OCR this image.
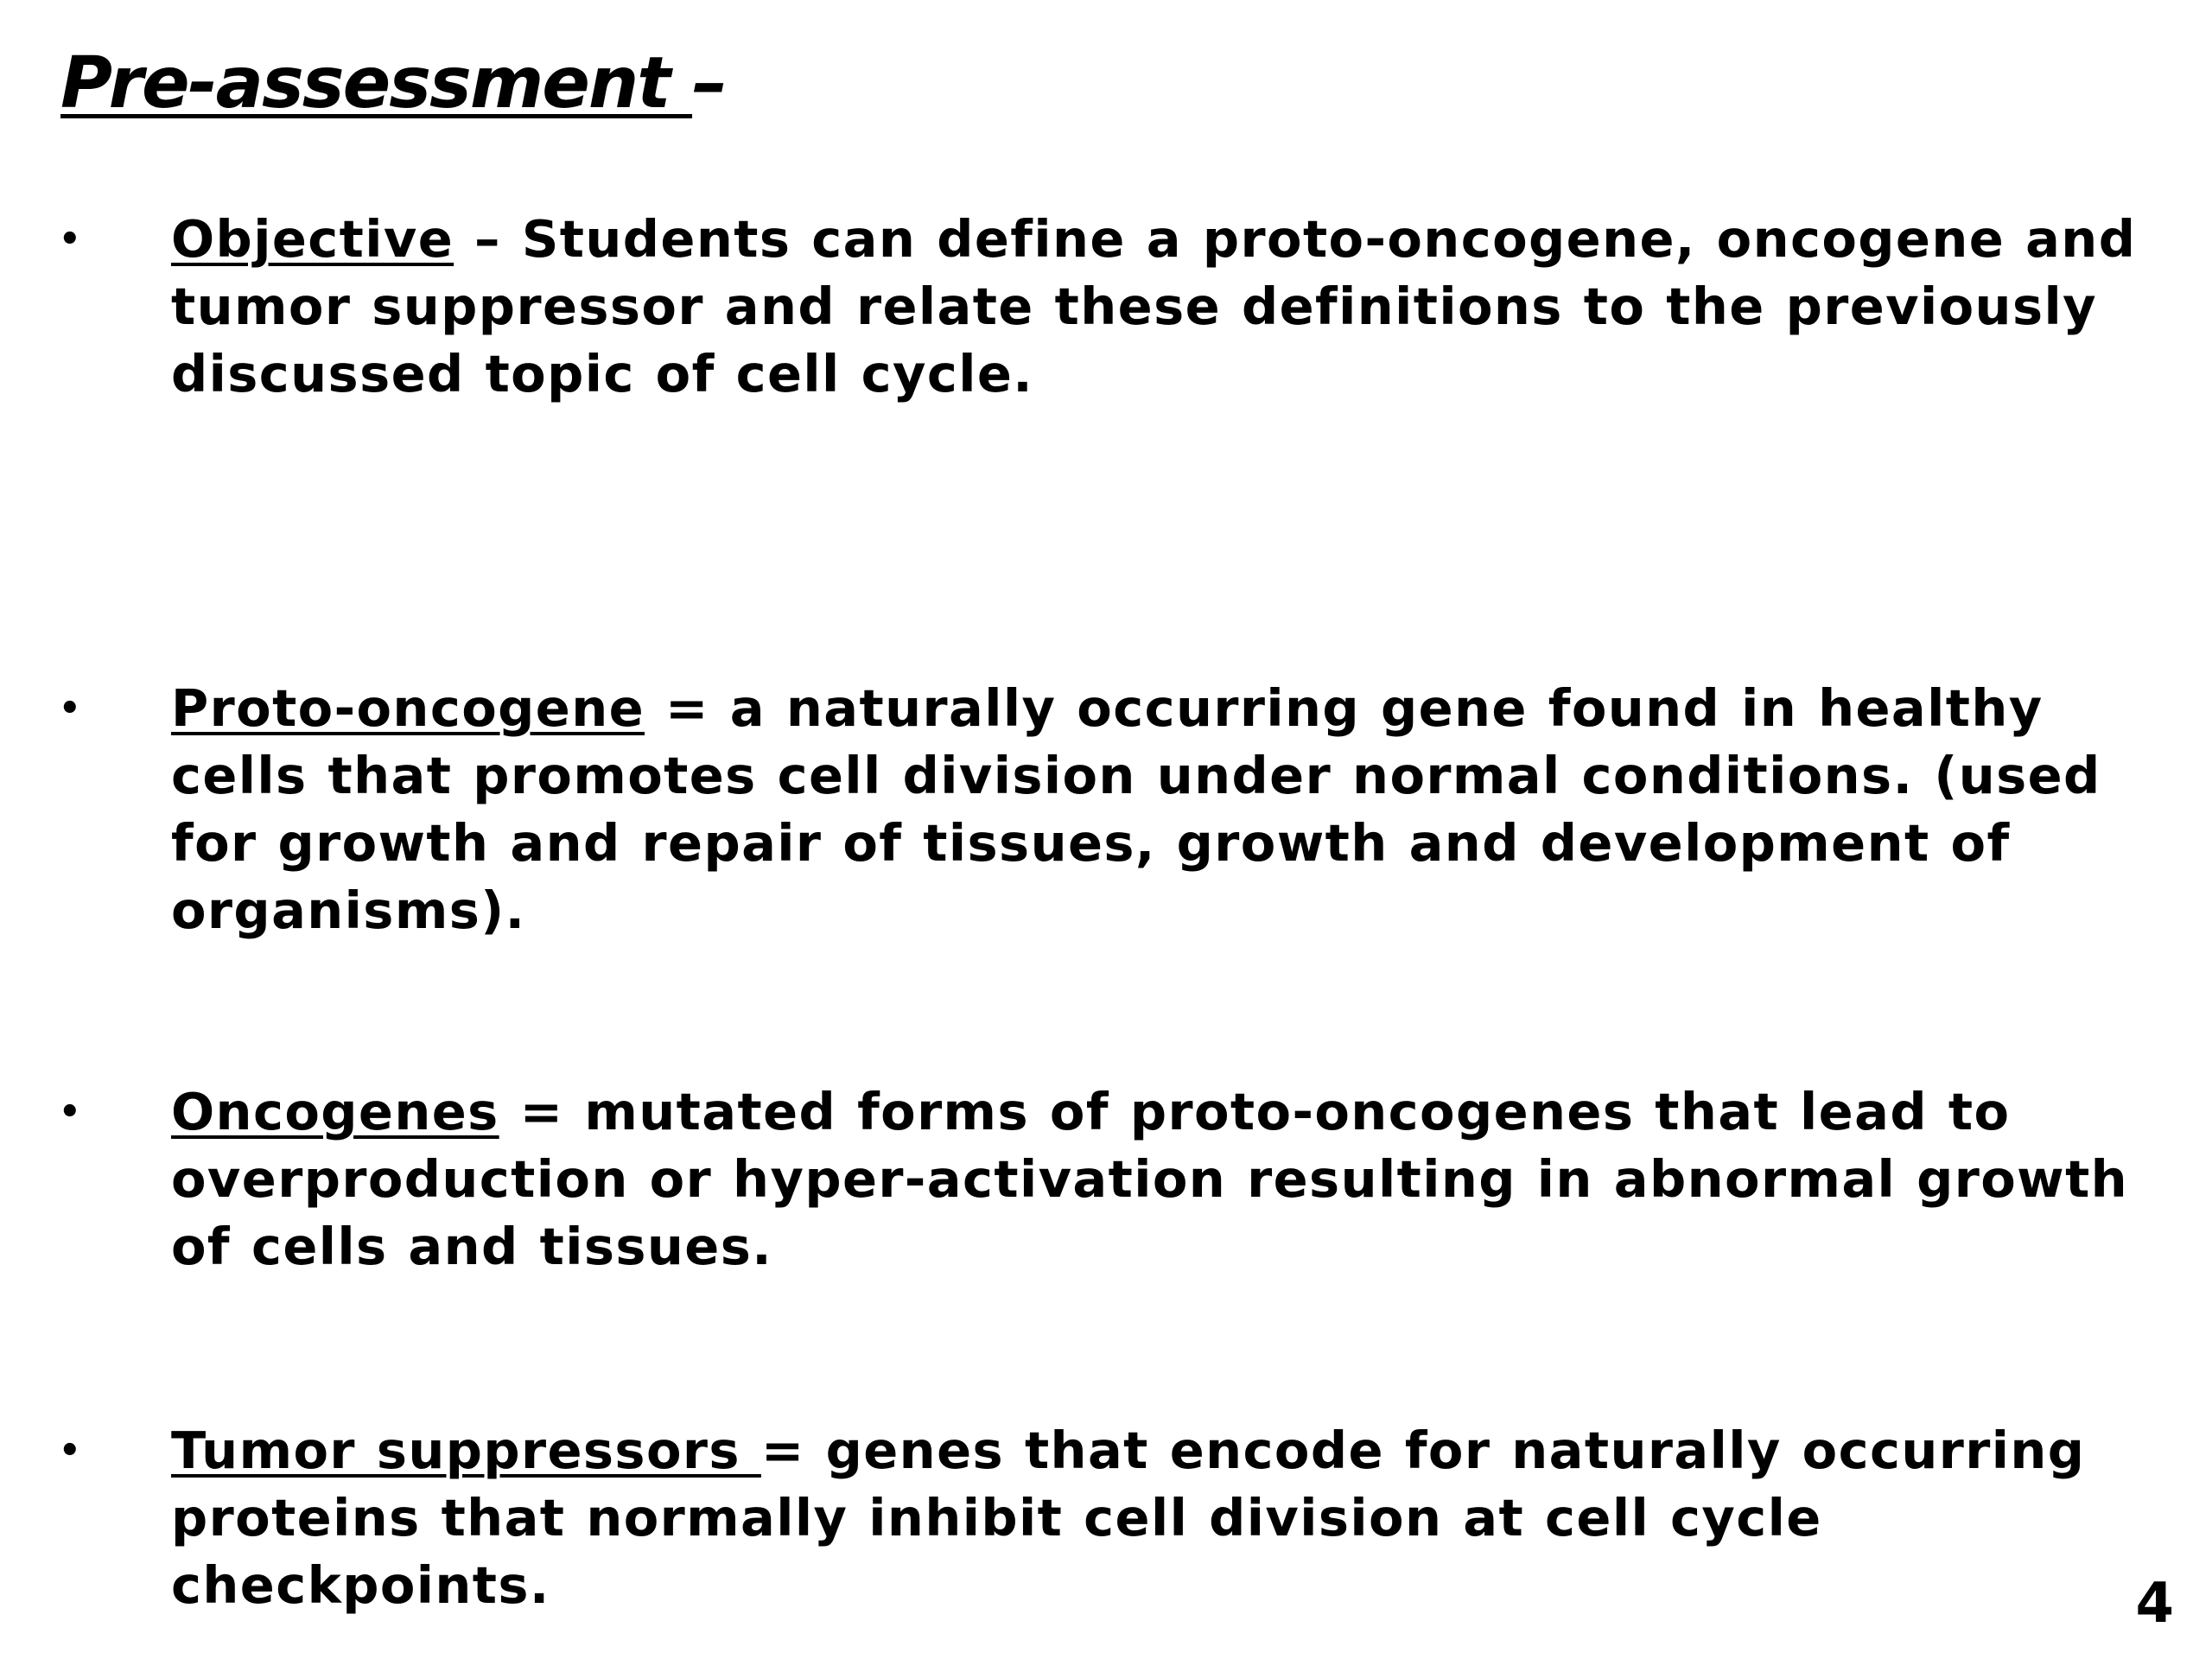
Pre-assessment –
•	Objective – Students can define a proto-oncogene, oncogene and tumor suppressor and relate these definitions to the previously discussed topic of cell cycle.
•	Proto-oncogene = a naturally occurring gene found in healthy cells that promotes cell division under normal conditions. (used for growth and repair of tissues, growth and development of organisms).
•	Oncogenes = mutated forms of proto-oncogenes that lead to overproduction or hyper-activation resulting in abnormal growth of cells and tissues.
•	Tumor suppressors = genes that encode for naturally occurring proteins that normally inhibit cell division at cell cycle checkpoints.	4
